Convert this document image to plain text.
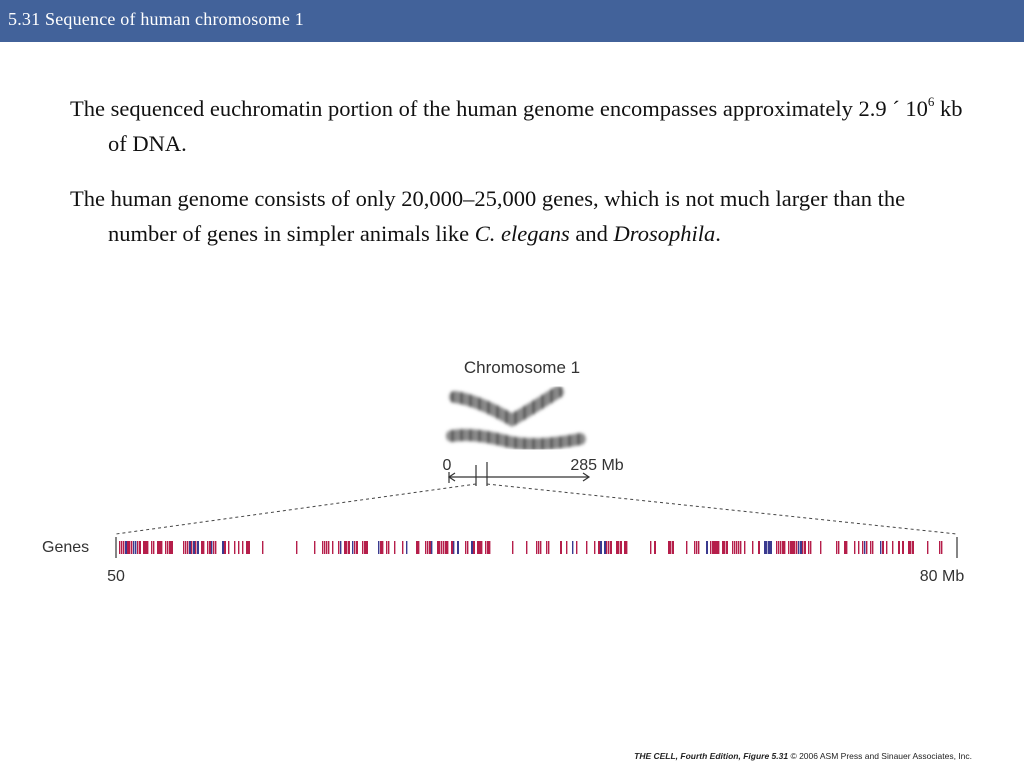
5.31 Sequence of human chromosome 1
The sequenced euchromatin portion of the human genome encompasses approximately 2.9 ´ $10^6$ kb of DNA.
The human genome consists of only 20,000–25,000 genes, which is not much larger than the number of genes in simpler animals like C. elegans and Drosophila.
Chromosome 1
0	285 Mb
Genes
50	80 Mb
THE CELL, Fourth Edition, Figure 5.31 © 2006 ASM Press and Sinauer Associates, Inc.
